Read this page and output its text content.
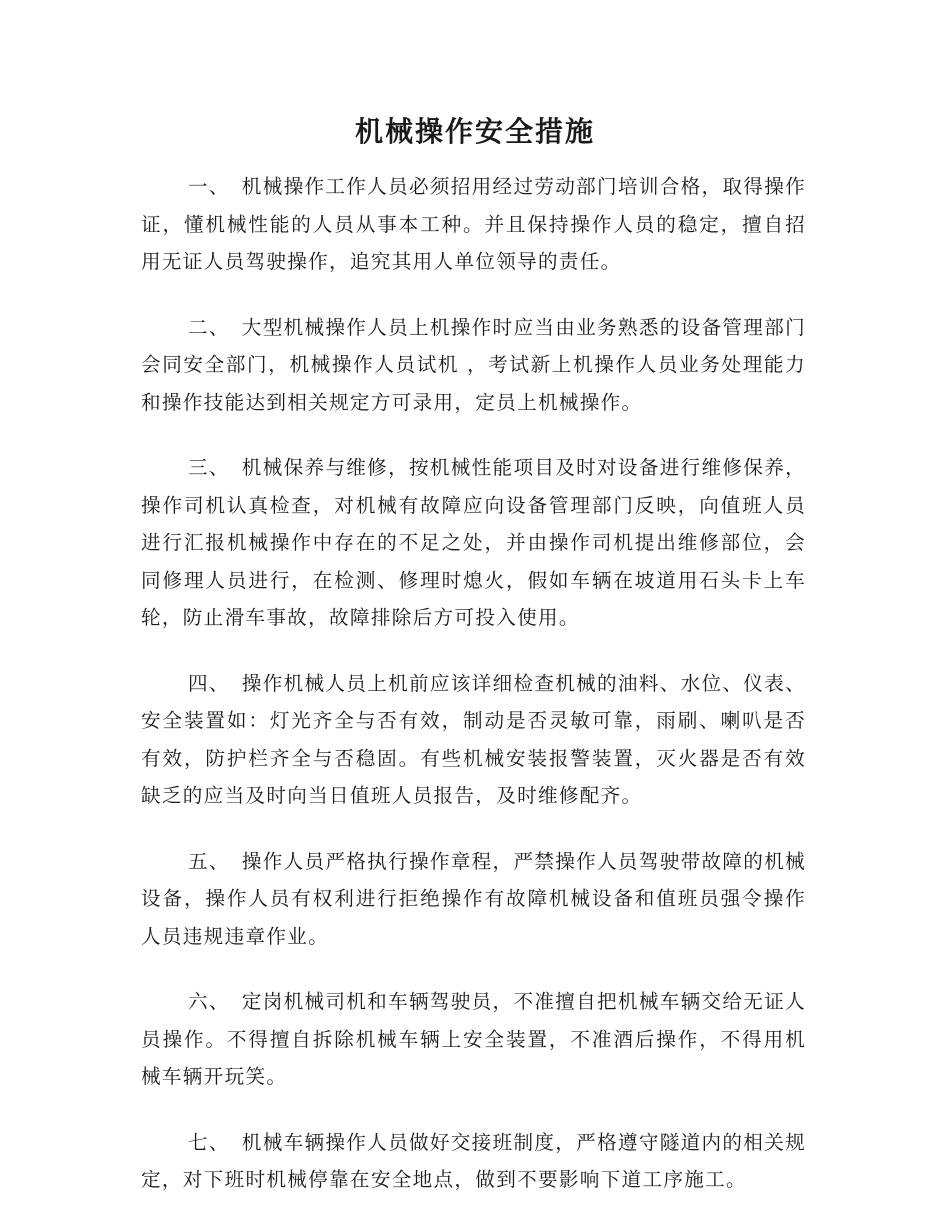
机械操作安全措施

一、 机械操作工作人员必须招用经过劳动部门培训合格，取得操作证，懂机械性能的人员从事本工种。并且保持操作人员的稳定，擅自招用无证人员驾驶操作，追究其用人单位领导的责任。

二、 大型机械操作人员上机操作时应当由业务熟悉的设备管理部门会同安全部门，机械操作人员试机 ，考试新上机操作人员业务处理能力和操作技能达到相关规定方可录用，定员上机械操作。

三、 机械保养与维修，按机械性能项目及时对设备进行维修保养，操作司机认真检查，对机械有故障应向设备管理部门反映，向值班人员进行汇报机械操作中存在的不足之处，并由操作司机提出维修部位，会同修理人员进行，在检测、修理时熄火，假如车辆在坡道用石头卡上车轮，防止滑车事故，故障排除后方可投入使用。

四、 操作机械人员上机前应该详细检查机械的油料、水位、仪表、安全装置如：灯光齐全与否有效，制动是否灵敏可靠，雨刷、喇叭是否有效，防护栏齐全与否稳固。有些机械安装报警装置，灭火器是否有效缺乏的应当及时向当日值班人员报告，及时维修配齐。

五、 操作人员严格执行操作章程，严禁操作人员驾驶带故障的机械设备，操作人员有权利进行拒绝操作有故障机械设备和值班员强令操作人员违规违章作业。

六、 定岗机械司机和车辆驾驶员，不准擅自把机械车辆交给无证人员操作。不得擅自拆除机械车辆上安全装置，不准酒后操作，不得用机械车辆开玩笑。

七、 机械车辆操作人员做好交接班制度，严格遵守隧道内的相关规定，对下班时机械停靠在安全地点，做到不要影响下道工序施工。
